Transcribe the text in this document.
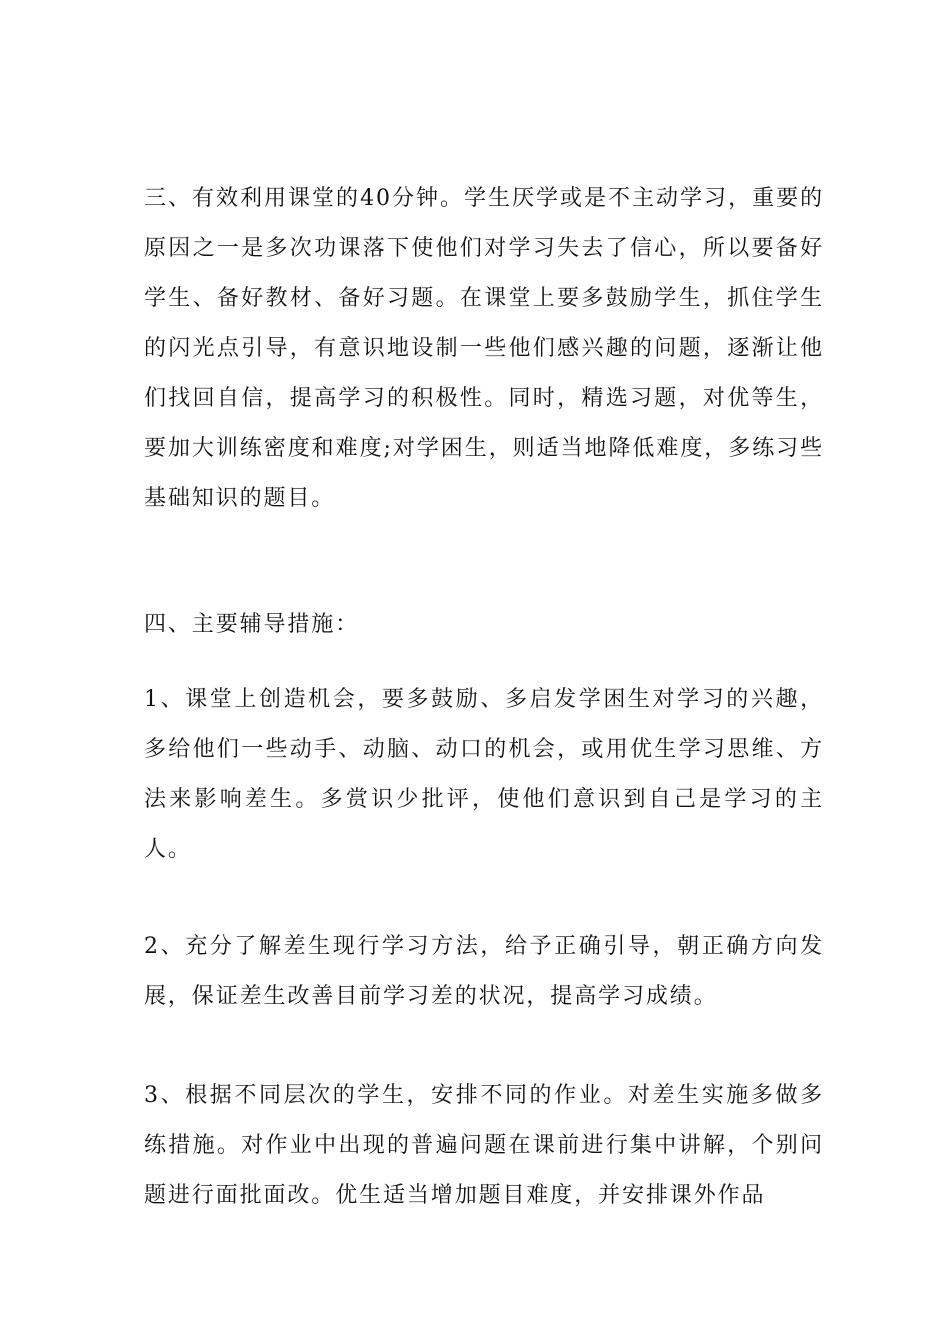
三、有效利用课堂的40分钟。学生厌学或是不主动学习，重要的原因之一是多次功课落下使他们对学习失去了信心，所以要备好学生、备好教材、备好习题。在课堂上要多鼓励学生，抓住学生的闪光点引导，有意识地设制一些他们感兴趣的问题，逐渐让他们找回自信，提高学习的积极性。同时，精选习题，对优等生，要加大训练密度和难度;对学困生，则适当地降低难度，多练习些基础知识的题目。

四、主要辅导措施：

1、课堂上创造机会，要多鼓励、多启发学困生对学习的兴趣，多给他们一些动手、动脑、动口的机会，或用优生学习思维、方法来影响差生。多赏识少批评，使他们意识到自己是学习的主人。

2、充分了解差生现行学习方法，给予正确引导，朝正确方向发展，保证差生改善目前学习差的状况，提高学习成绩。

3、根据不同层次的学生，安排不同的作业。对差生实施多做多练措施。对作业中出现的普遍问题在课前进行集中讲解，个别问题进行面批面改。优生适当增加题目难度，并安排课外作品
